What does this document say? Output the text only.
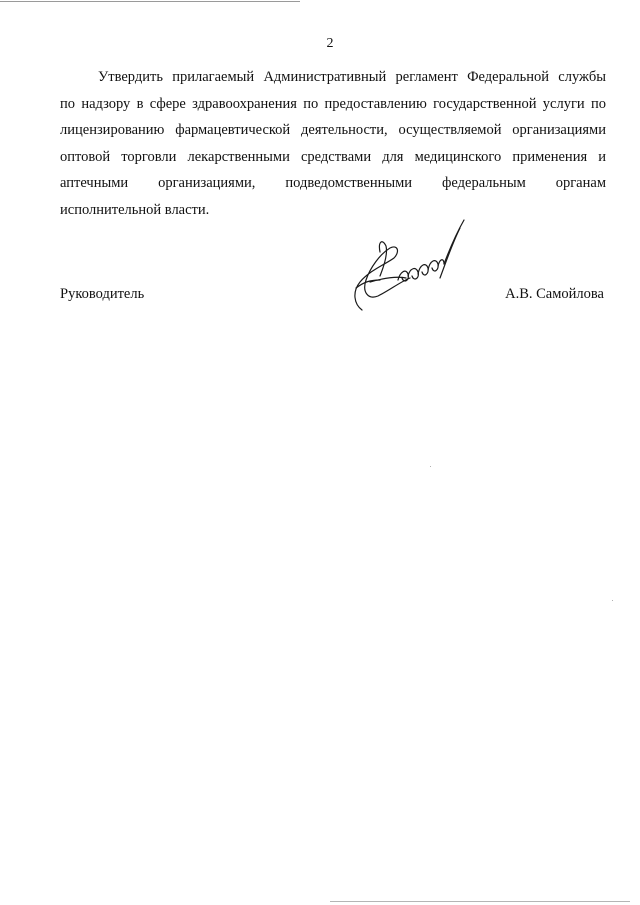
2

Утвердить прилагаемый Административный регламент Федеральной службы
по надзору в сфере здравоохранения по предоставлению государственной услуги по
лицензированию фармацевтической деятельности, осуществляемой организациями
оптовой торговли лекарственными средствами для медицинского применения и
аптечными организациями, подведомственными федеральным органам
исполнительной власти.

Руководитель	А.В. Самойлова
